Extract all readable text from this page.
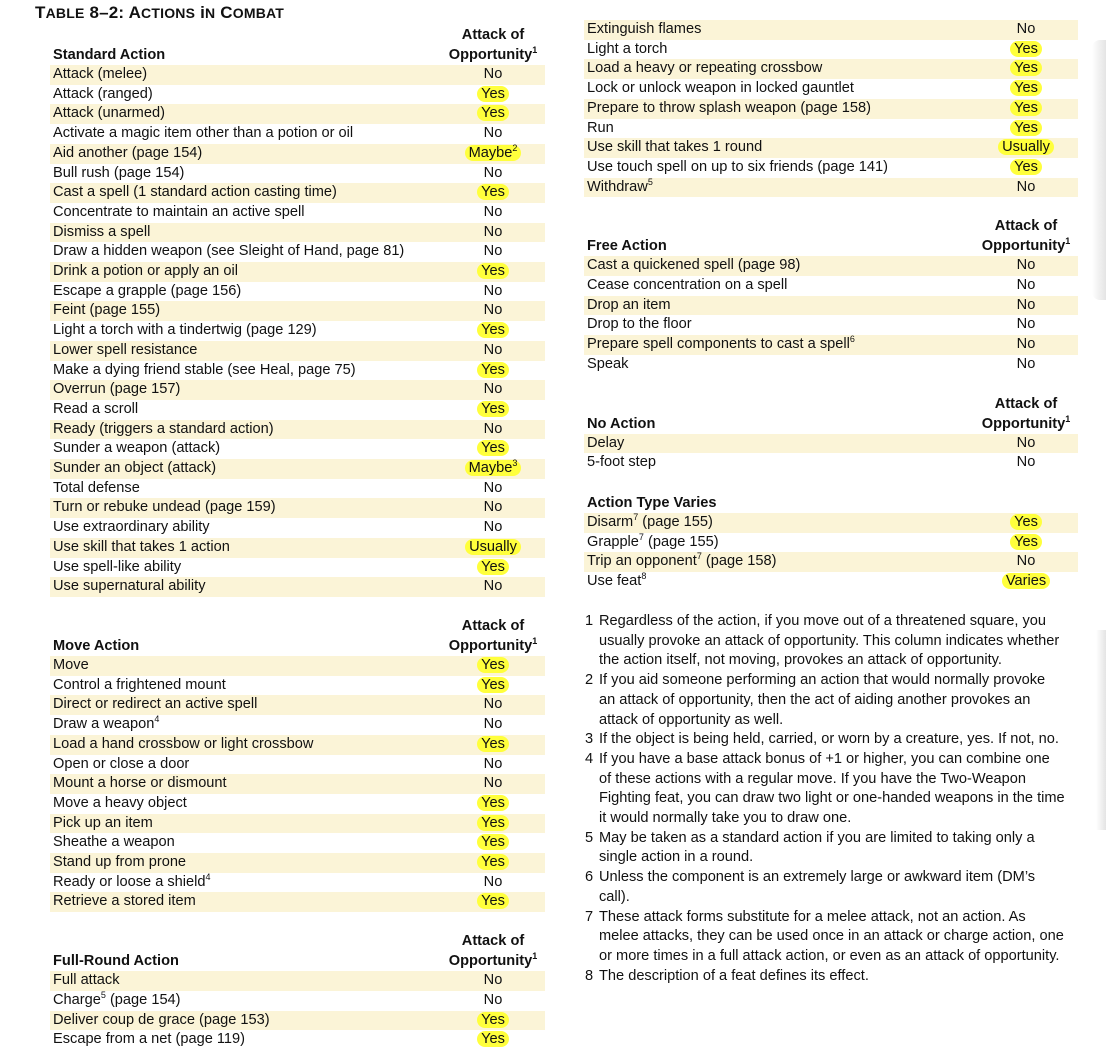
TABLE 8–2: ACTIONS iN COMBAT
	Attack of
Standard Action	Opportunity$^1$
Attack (melee)	No
Attack (ranged)	Yes
Attack (unarmed)	Yes
Activate a magic item other than a potion or oil	No
Aid another (page 154)	Maybe$^2$
Bull rush (page 154)	No
Cast a spell (1 standard action casting time)	Yes
Concentrate to maintain an active spell	No
Dismiss a spell	No
Draw a hidden weapon (see Sleight of Hand, page 81)	No
Drink a potion or apply an oil	Yes
Escape a grapple (page 156)	No
Feint (page 155)	No
Light a torch with a tindertwig (page 129)	Yes
Lower spell resistance	No
Make a dying friend stable (see Heal, page 75)	Yes
Overrun (page 157)	No
Read a scroll	Yes
Ready (triggers a standard action)	No
Sunder a weapon (attack)	Yes
Sunder an object (attack)	Maybe$^3$
Total defense	No
Turn or rebuke undead (page 159)	No
Use extraordinary ability	No
Use skill that takes 1 action	Usually
Use spell-like ability	Yes
Use supernatural ability	No
	Attack of
Move Action	Opportunity$^1$
Move	Yes
Control a frightened mount	Yes
Direct or redirect an active spell	No
Draw a weapon$^4$	No
Load a hand crossbow or light crossbow	Yes
Open or close a door	No
Mount a horse or dismount	No
Move a heavy object	Yes
Pick up an item	Yes
Sheathe a weapon	Yes
Stand up from prone	Yes
Ready or loose a shield$^4$	No
Retrieve a stored item	Yes
	Attack of
Full-Round Action	Opportunity$^1$
Full attack	No
Charge$^5$ (page 154)	No
Deliver coup de grace (page 153)	Yes
Escape from a net (page 119)	Yes
Extinguish flames	No
Light a torch	Yes
Load a heavy or repeating crossbow	Yes
Lock or unlock weapon in locked gauntlet	Yes
Prepare to throw splash weapon (page 158)	Yes
Run	Yes
Use skill that takes 1 round	Usually
Use touch spell on up to six friends (page 141)	Yes
Withdraw$^5$	No
	Attack of
Free Action	Opportunity$^1$
Cast a quickened spell (page 98)	No
Cease concentration on a spell	No
Drop an item	No
Drop to the floor	No
Prepare spell components to cast a spell$^6$	No
Speak	No
	Attack of
No Action	Opportunity$^1$
Delay	No
5-foot step	No
Action Type Varies	
Disarm$^7$ (page 155)	Yes
Grapple$^7$ (page 155)	Yes
Trip an opponent$^7$ (page 158)	No
Use feat$^8$	Varies
1 Regardless of the action, if you move out of a threatened square, you usually provoke an attack of opportunity. This column indicates whether the action itself, not moving, provokes an attack of opportunity.
2 If you aid someone performing an action that would normally provoke an attack of opportunity, then the act of aiding another provokes an attack of opportunity as well.
3 If the object is being held, carried, or worn by a creature, yes. If not, no.
4 If you have a base attack bonus of +1 or higher, you can combine one of these actions with a regular move. If you have the Two-Weapon Fighting feat, you can draw two light or one-handed weapons in the time it would normally take you to draw one.
5 May be taken as a standard action if you are limited to taking only a single action in a round.
6 Unless the component is an extremely large or awkward item (DM’s call).
7 These attack forms substitute for a melee attack, not an action. As melee attacks, they can be used once in an attack or charge action, one or more times in a full attack action, or even as an attack of opportunity.
8 The description of a feat defines its effect.
